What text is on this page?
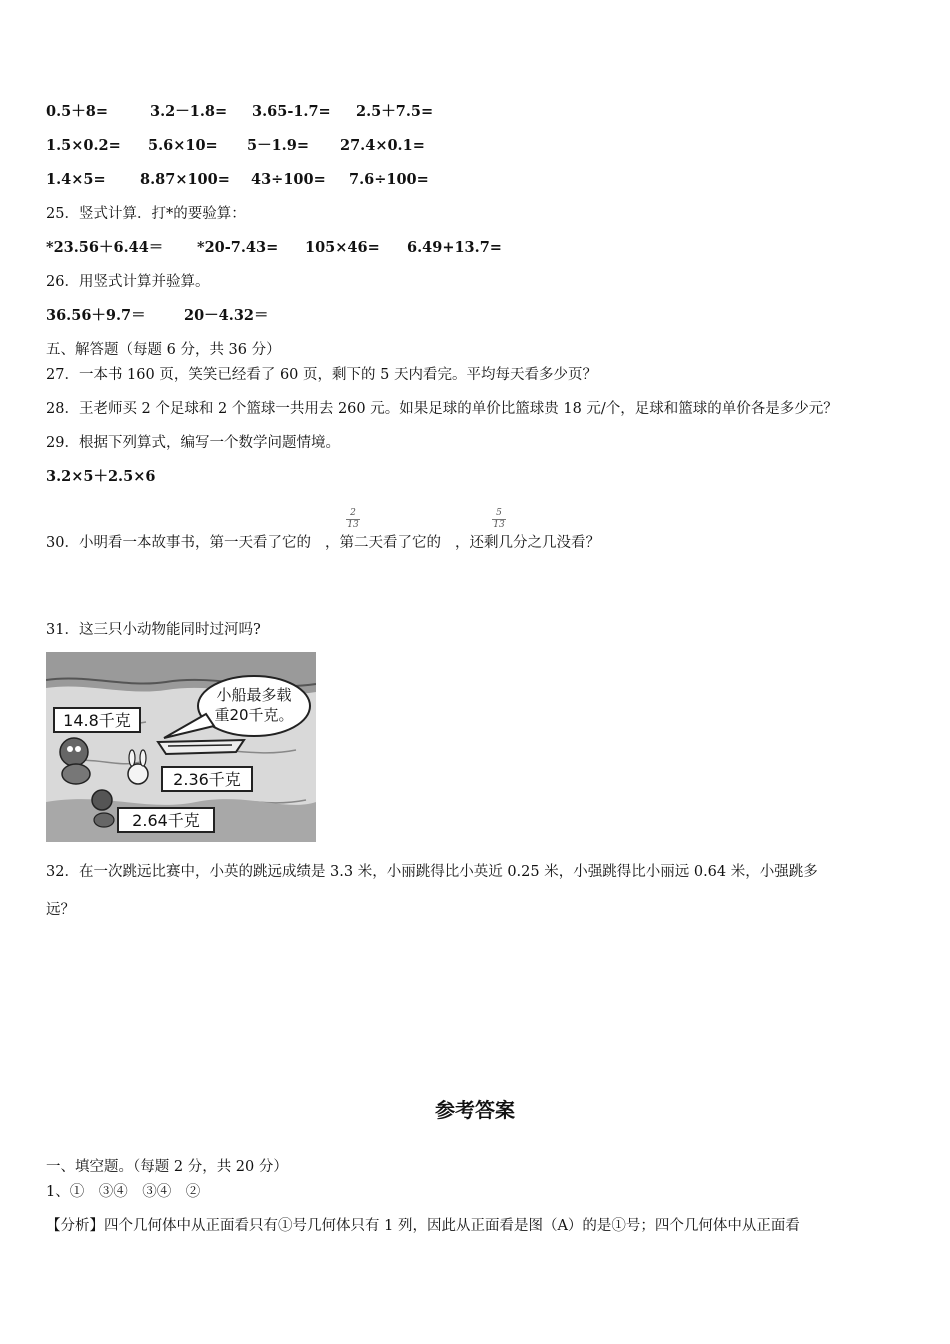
0.5＋8=	3.2－1.8= 3.65-1.7= 2.5＋7.5=
1.5×0.2= 5.6×10= 5－1.9= 27.4×0.1=
1.4×5= 8.87×100= 43÷100= 7.6÷100=
25．竖式计算．打*的要验算：
*23.56＋6.44＝ *20-7.43= 105×46= 6.49+13.7=
26．用竖式计算并验算。
36.56＋9.7＝	20－4.32＝
五、解答题（每题 6 分，共 36 分）
27．一本书 160 页，笑笑已经看了 60 页，剩下的 5 天内看完。平均每天看多少页？
28．王老师买 2 个足球和 2 个篮球一共用去 260 元。如果足球的单价比篮球贵 18 元/个，足球和篮球的单价各是多少元？
29．根据下列算式，编写一个数学问题情境。
3.2×5＋2.5×6
30．小明看一本故事书，第一天看了它的 ，第二天看了它的 ，还剩几分之几没看？
$\frac{2}{13}$	$\frac{5}{13}$
31．这三只小动物能同时过河吗?
小船最多载
重20千克。
14.8千克
2.36千克
2.64千克
32．在一次跳远比赛中，小英的跳远成绩是 3.3 米，小丽跳得比小英近 0.25 米，小强跳得比小丽远 0.64 米，小强跳多
远？
参考答案
一、填空题。（每题 2 分，共 20 分）
1、①　③④　③④　②
【分析】四个几何体中从正面看只有①号几何体只有 1 列，因此从正面看是图（A）的是①号；四个几何体中从正面看
